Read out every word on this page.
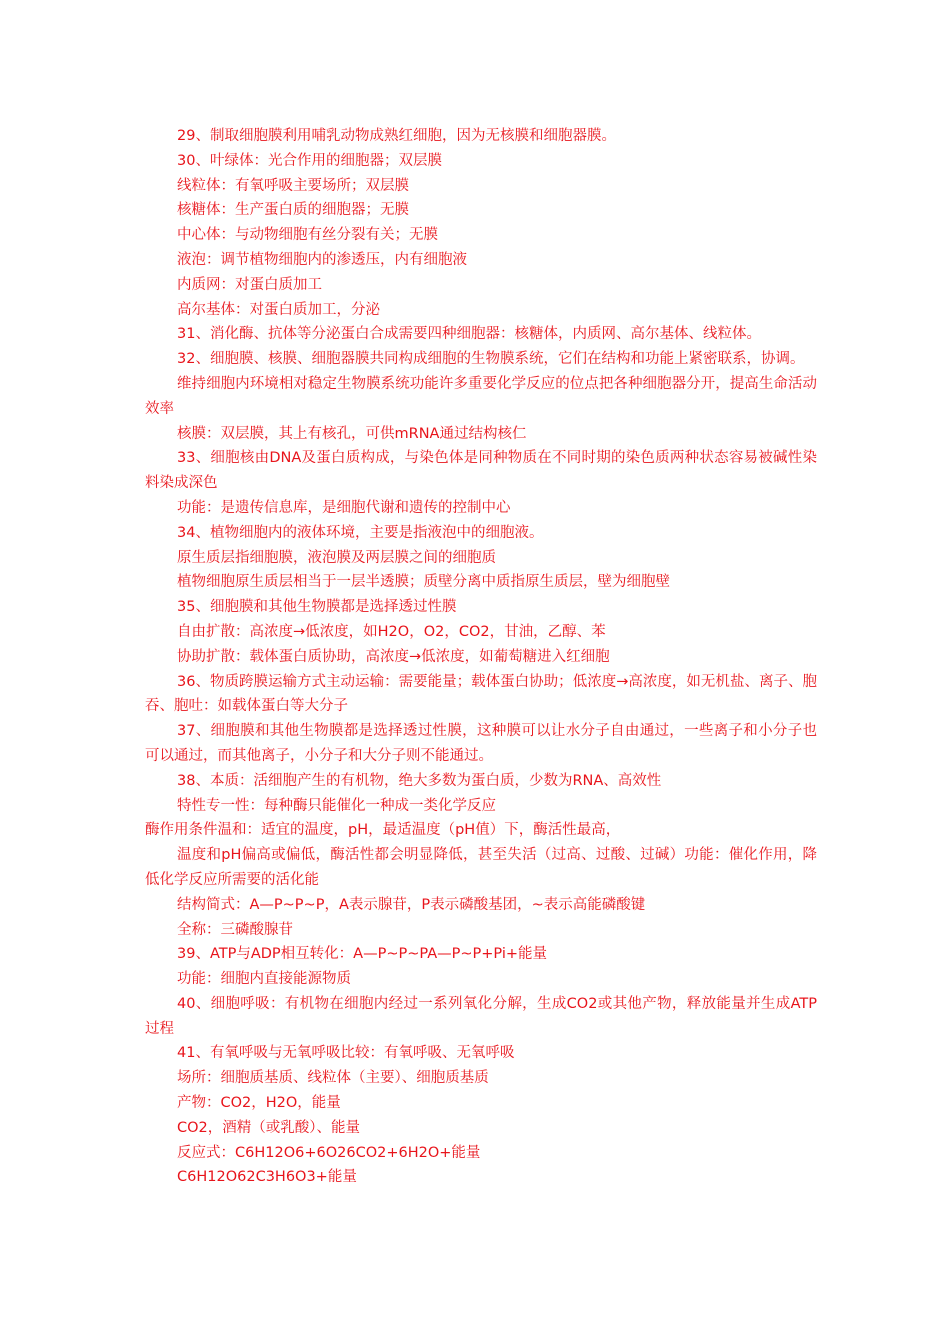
29、制取细胞膜利用哺乳动物成熟红细胞，因为无核膜和细胞器膜。

30、叶绿体：光合作用的细胞器；双层膜

线粒体：有氧呼吸主要场所；双层膜

核糖体：生产蛋白质的细胞器；无膜

中心体：与动物细胞有丝分裂有关；无膜

液泡：调节植物细胞内的渗透压，内有细胞液

内质网：对蛋白质加工

高尔基体：对蛋白质加工，分泌

31、消化酶、抗体等分泌蛋白合成需要四种细胞器：核糖体，内质网、高尔基体、线粒体。

32、细胞膜、核膜、细胞器膜共同构成细胞的生物膜系统，它们在结构和功能上紧密联系，协调。

维持细胞内环境相对稳定生物膜系统功能许多重要化学反应的位点把各种细胞器分开，提高生命活动效率

核膜：双层膜，其上有核孔，可供mRNA通过结构核仁

33、细胞核由DNA及蛋白质构成，与染色体是同种物质在不同时期的染色质两种状态容易被碱性染料染成深色

功能：是遗传信息库，是细胞代谢和遗传的控制中心

34、植物细胞内的液体环境，主要是指液泡中的细胞液。

原生质层指细胞膜，液泡膜及两层膜之间的细胞质

植物细胞原生质层相当于一层半透膜；质壁分离中质指原生质层，壁为细胞壁

35、细胞膜和其他生物膜都是选择透过性膜

自由扩散：高浓度→低浓度，如H2O，O2，CO2，甘油，乙醇、苯

协助扩散：载体蛋白质协助，高浓度→低浓度，如葡萄糖进入红细胞

36、物质跨膜运输方式主动运输：需要能量；载体蛋白协助；低浓度→高浓度，如无机盐、离子、胞吞、胞吐：如载体蛋白等大分子

37、细胞膜和其他生物膜都是选择透过性膜，这种膜可以让水分子自由通过，一些离子和小分子也可以通过，而其他离子，小分子和大分子则不能通过。

38、本质：活细胞产生的有机物，绝大多数为蛋白质，少数为RNA、高效性

特性专一性：每种酶只能催化一种成一类化学反应

酶作用条件温和：适宜的温度，pH，最适温度（pH值）下，酶活性最高，

温度和pH偏高或偏低，酶活性都会明显降低，甚至失活（过高、过酸、过碱）功能：催化作用，降低化学反应所需要的活化能

结构简式：A—P~P~P，A表示腺苷，P表示磷酸基团，~表示高能磷酸键

全称：三磷酸腺苷

39、ATP与ADP相互转化：A—P~P~PA—P~P+Pi+能量

功能：细胞内直接能源物质

40、细胞呼吸：有机物在细胞内经过一系列氧化分解，生成CO2或其他产物，释放能量并生成ATP过程

41、有氧呼吸与无氧呼吸比较：有氧呼吸、无氧呼吸

场所：细胞质基质、线粒体（主要）、细胞质基质

产物：CO2，H2O，能量

CO2，酒精（或乳酸）、能量

反应式：C6H12O6+6O26CO2+6H2O+能量

C6H12O62C3H6O3+能量
